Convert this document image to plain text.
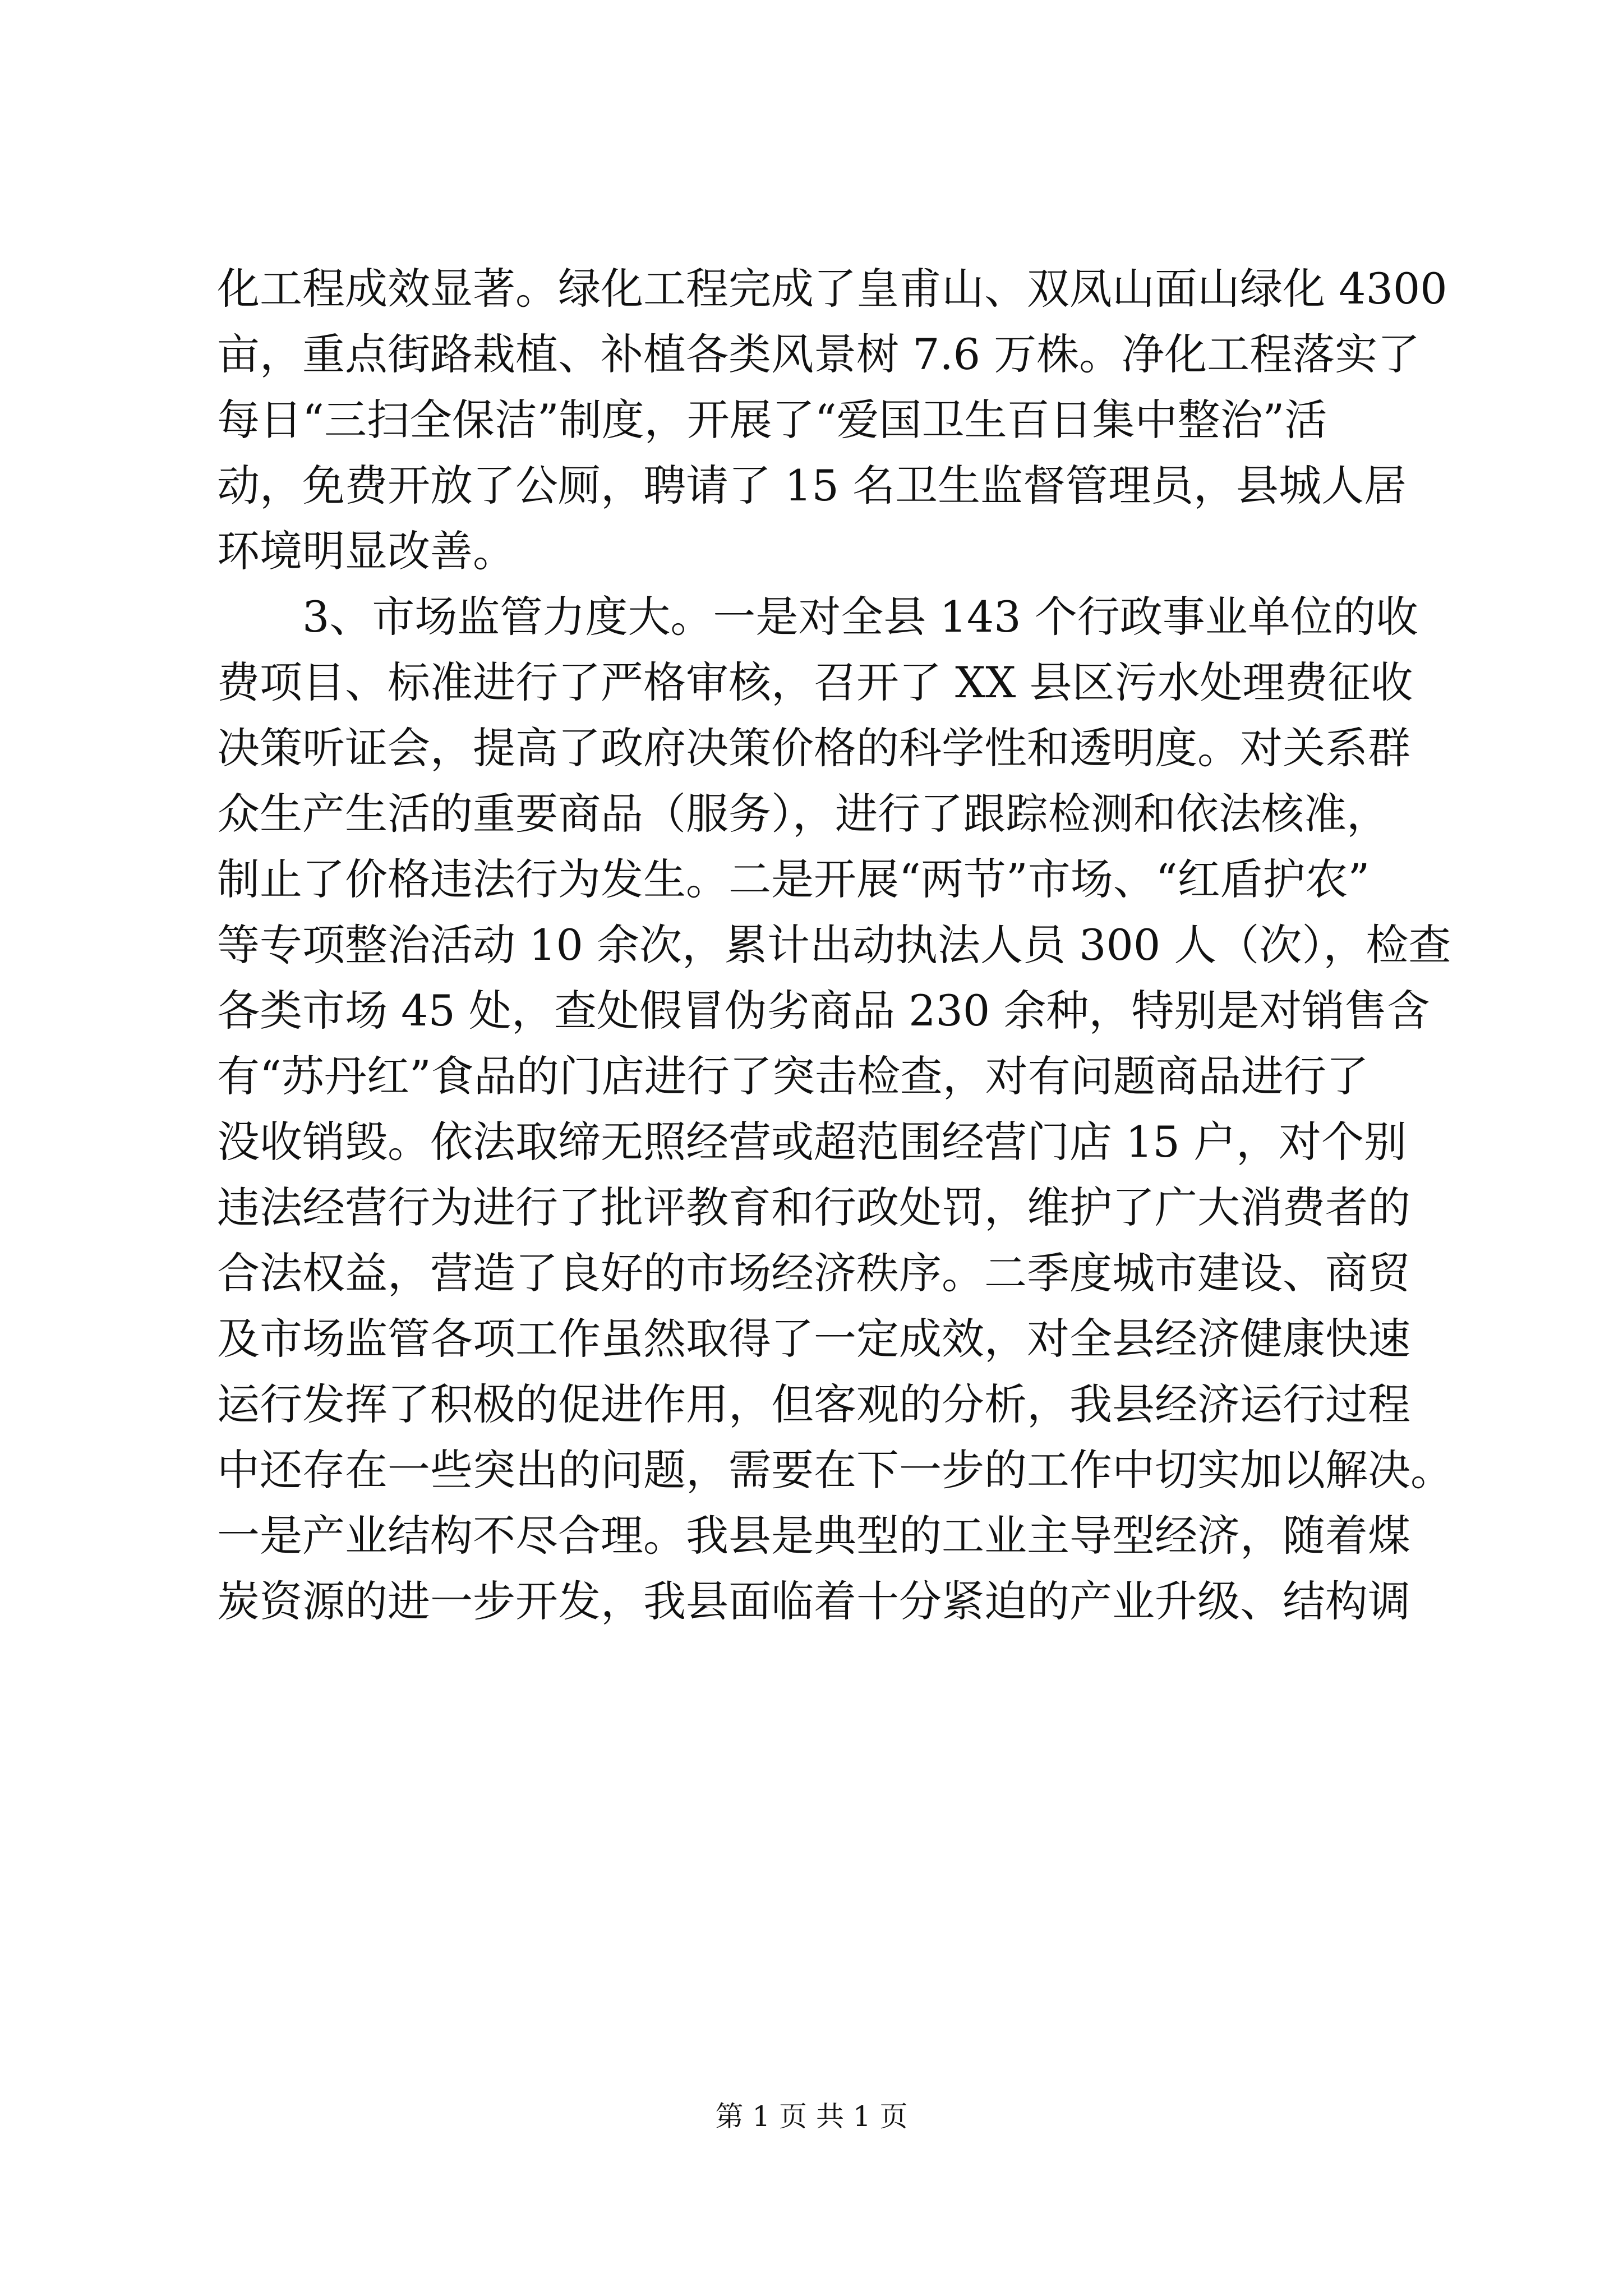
化工程成效显著。绿化工程完成了皇甫山、双凤山面山绿化 4300
亩，重点街路栽植、补植各类风景树 7.6 万株。净化工程落实了
每日“三扫全保洁”制度，开展了“爱国卫生百日集中整治”活
动，免费开放了公厕，聘请了 15 名卫生监督管理员，县城人居
环境明显改善。
3、市场监管力度大。一是对全县 143 个行政事业单位的收
费项目、标准进行了严格审核，召开了 XX 县区污水处理费征收
决策听证会，提高了政府决策价格的科学性和透明度。对关系群
众生产生活的重要商品（服务），进行了跟踪检测和依法核准，
制止了价格违法行为发生。二是开展“两节”市场、“红盾护农”
等专项整治活动 10 余次，累计出动执法人员 300 人（次），检查
各类市场 45 处，查处假冒伪劣商品 230 余种，特别是对销售含
有“苏丹红”食品的门店进行了突击检查，对有问题商品进行了
没收销毁。依法取缔无照经营或超范围经营门店 15 户，对个别
违法经营行为进行了批评教育和行政处罚，维护了广大消费者的
合法权益，营造了良好的市场经济秩序。二季度城市建设、商贸
及市场监管各项工作虽然取得了一定成效，对全县经济健康快速
运行发挥了积极的促进作用，但客观的分析，我县经济运行过程
中还存在一些突出的问题，需要在下一步的工作中切实加以解决。
一是产业结构不尽合理。我县是典型的工业主导型经济，随着煤
炭资源的进一步开发，我县面临着十分紧迫的产业升级、结构调
第 1 页 共 1 页
